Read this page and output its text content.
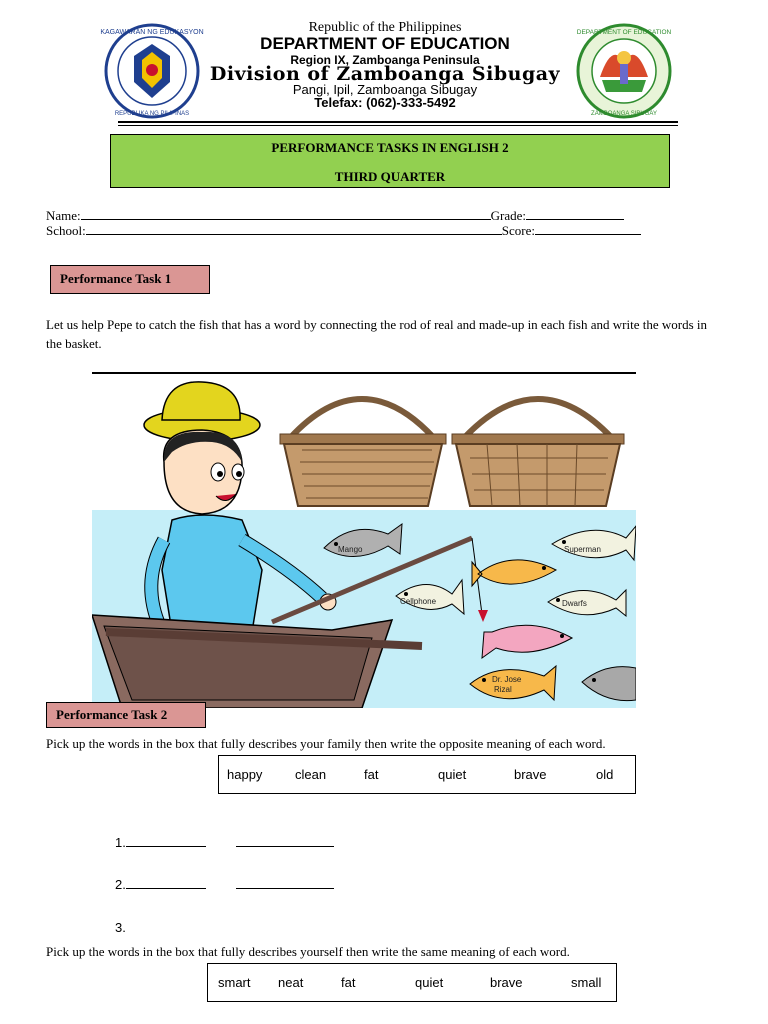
KAGAWARAN NG EDUKASYON
REPUBLIKA NG PILIPINAS
DEPARTMENT OF EDUCATION
ZAMBOANGA SIBUGAY
Republic of the Philippines
DEPARTMENT OF EDUCATION
Region IX, Zamboanga Peninsula
Division of Zamboanga Sibugay
Pangi, Ipil, Zamboanga Sibugay
Telefax: (062)-333-5492
PERFORMANCE TASKS IN ENGLISH 2
THIRD QUARTER
Name:	Grade:
School:	Score:
Performance Task 1
Let us help Pepe to catch the fish that has a word by connecting the rod of real and made-up in each fish and write the words in the basket.
Mango	Superman
Cellphone	Dwarfs
Dr. Jose
Rizal
Performance Task 2
Pick up the words in the box that fully describes your family then write the opposite meaning of each word.
happy	clean	fat	quiet	brave	old
1.
2.
3.
Pick up the words in the box that fully describes yourself then write the same meaning of each word.
smart neat	fat	quiet	brave	small
